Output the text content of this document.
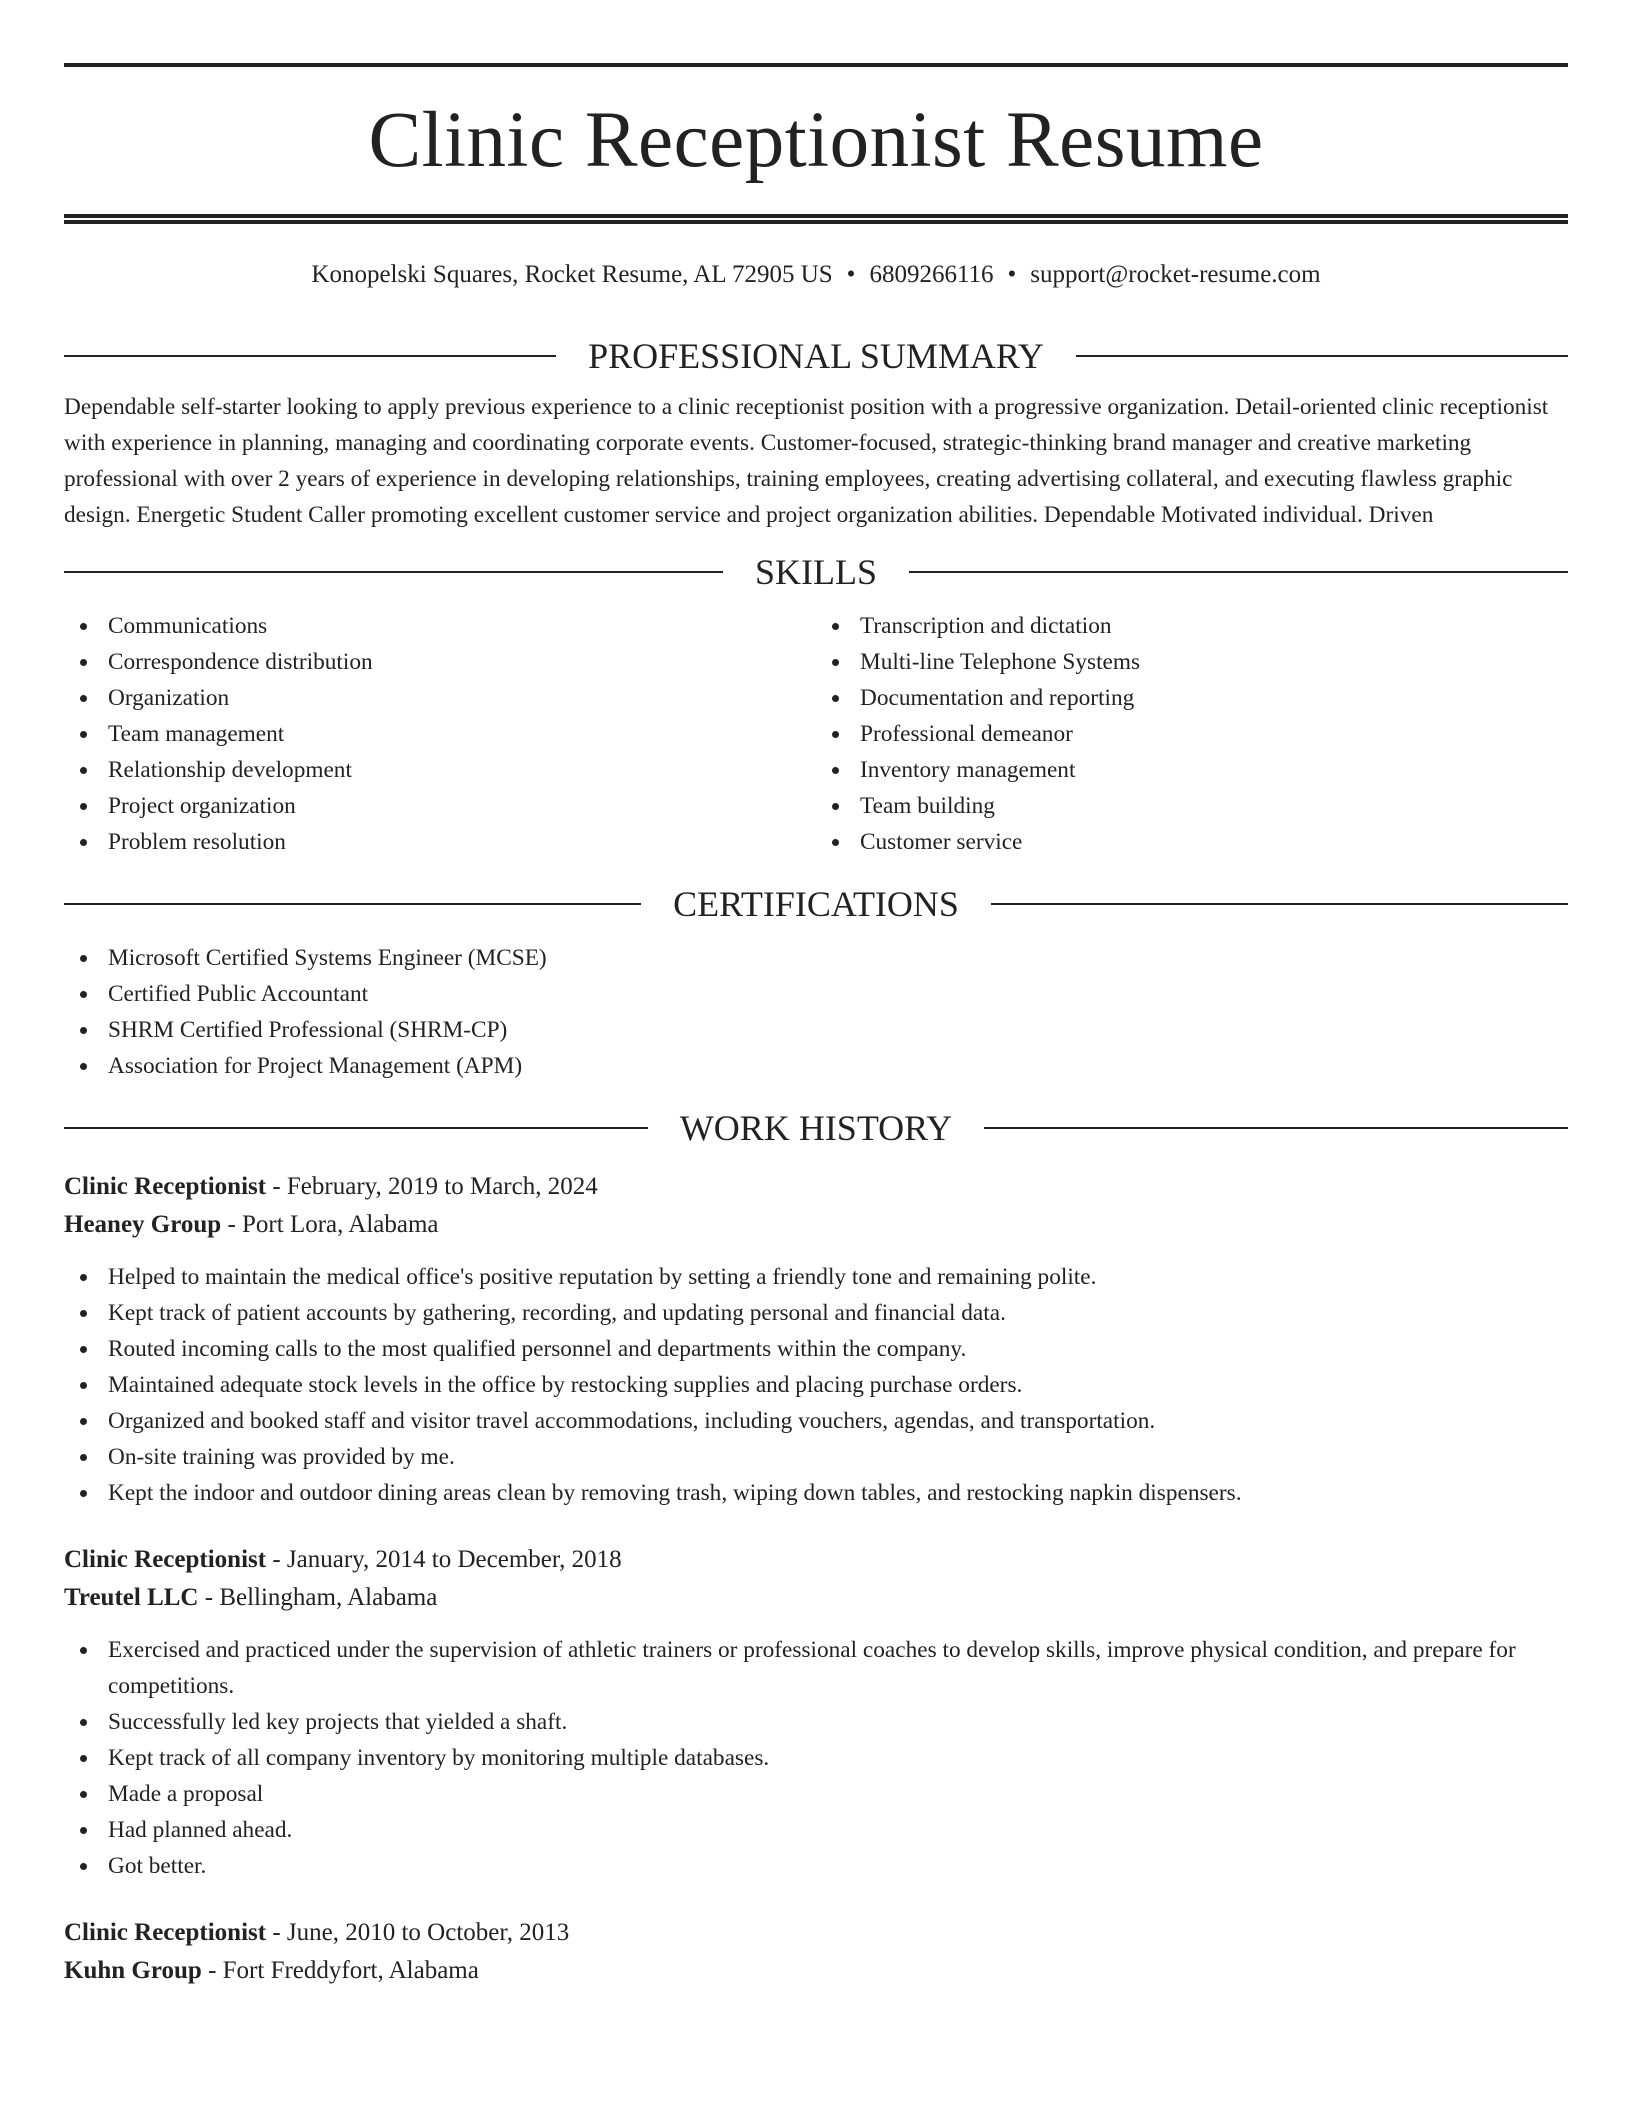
Clinic Receptionist Resume
Konopelski Squares, Rocket Resume, AL 72905 US • 6809266116 • support@rocket-resume.com
PROFESSIONAL SUMMARY

Dependable self-starter looking to apply previous experience to a clinic receptionist position with a progressive organization. Detail-oriented clinic receptionist with experience in planning, managing and coordinating corporate events. Customer-focused, strategic-thinking brand manager and creative marketing professional with over 2 years of experience in developing relationships, training employees, creating advertising collateral, and executing flawless graphic design. Energetic Student Caller promoting excellent customer service and project organization abilities. Dependable Motivated individual. Driven

SKILLS
Communications
Correspondence distribution
Organization
Team management
Relationship development
Project organization
Problem resolution
Transcription and dictation
Multi-line Telephone Systems
Documentation and reporting
Professional demeanor
Inventory management
Team building
Customer service
CERTIFICATIONS
Microsoft Certified Systems Engineer (MCSE)
Certified Public Accountant
SHRM Certified Professional (SHRM-CP)
Association for Project Management (APM)
WORK HISTORY
Clinic Receptionist - February, 2019 to March, 2024
Heaney Group - Port Lora, Alabama
Helped to maintain the medical office's positive reputation by setting a friendly tone and remaining polite.
Kept track of patient accounts by gathering, recording, and updating personal and financial data.
Routed incoming calls to the most qualified personnel and departments within the company.
Maintained adequate stock levels in the office by restocking supplies and placing purchase orders.
Organized and booked staff and visitor travel accommodations, including vouchers, agendas, and transportation.
On-site training was provided by me.
Kept the indoor and outdoor dining areas clean by removing trash, wiping down tables, and restocking napkin dispensers.
Clinic Receptionist - January, 2014 to December, 2018
Treutel LLC - Bellingham, Alabama
Exercised and practiced under the supervision of athletic trainers or professional coaches to develop skills, improve physical condition, and prepare for competitions.
Successfully led key projects that yielded a shaft.
Kept track of all company inventory by monitoring multiple databases.
Made a proposal
Had planned ahead.
Got better.
Clinic Receptionist - June, 2010 to October, 2013
Kuhn Group - Fort Freddyfort, Alabama
